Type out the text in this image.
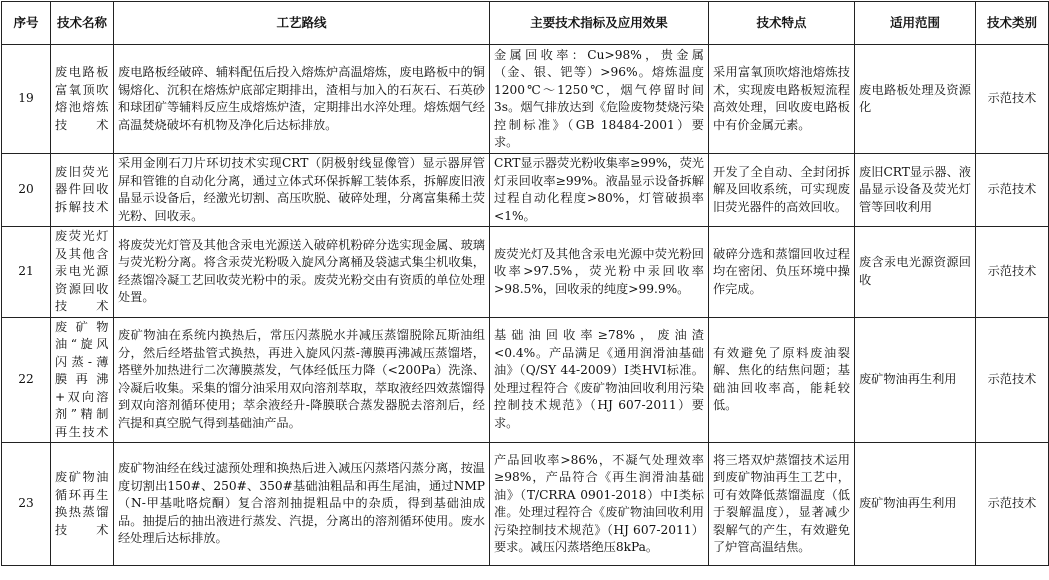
序号	技术名称	工艺路线	主要技术指标及应用效果	技术特点	适用范围	技术类别
19	废电路板富氧顶吹熔池熔炼技术	废电路板经破碎、辅料配伍后投入熔炼炉高温熔炼，废电路板中的铜锡熔化、沉积在熔炼炉底部定期排出，渣相与加入的石灰石、石英砂和球团矿等辅料反应生成熔炼炉渣，定期排出水淬处理。熔炼烟气经高温焚烧破坏有机物及净化后达标排放。	金属回收率：Cu>98%，贵金属（金、银、钯等）>96%。熔炼温度1200℃～1250℃，烟气停留时间3s。烟气排放达到《危险废物焚烧污染控制标准》（GB 18484-2001）要求。	采用富氧顶吹熔池熔炼技术，实现废电路板短流程高效处理，回收废电路板中有价金属元素。	废电路板处理及资源化	示范技术
20	废旧荧光器件回收拆解技术	采用金刚石刀片环切技术实现CRT（阴极射线显像管）显示器屏管屏和管锥的自动化分离，通过立体式环保拆解工装体系，拆解废旧液晶显示设备后，经激光切割、高压吹脱、破碎处理，分离富集稀土荧光粉、回收汞。	CRT显示器荧光粉收集率≥99%，荧光灯汞回收率≥99%。液晶显示设备拆解过程自动化程度>80%，灯管破损率<1%。	开发了全自动、全封闭拆解及回收系统，可实现废旧荧光器件的高效回收。	废旧CRT显示器、液晶显示设备及荧光灯管等回收利用	示范技术
21	废荧光灯及其他含汞电光源资源回收技术	将废荧光灯管及其他含汞电光源送入破碎机粉碎分选实现金属、玻璃与荧光粉分离。将含汞荧光粉吸入旋风分离桶及袋滤式集尘机收集，经蒸馏冷凝工艺回收荧光粉中的汞。废荧光粉交由有资质的单位处理处置。	废荧光灯及其他含汞电光源中荧光粉回收率>97.5%，荧光粉中汞回收率>98.5%，回收汞的纯度>99.9%。	破碎分选和蒸馏回收过程均在密闭、负压环境中操作完成。	废含汞电光源资源回收	示范技术
22	废矿物油“旋风闪蒸-薄膜再沸+双向溶剂”精制再生技术	废矿物油在系统内换热后，常压闪蒸脱水并减压蒸馏脱除瓦斯油组分，然后经塔盐管式换热，再进入旋风闪蒸-薄膜再沸减压蒸馏塔，塔壁外加热进行二次薄膜蒸发，气体经低压力降（<200Pa）洗涤、冷凝后收集。采集的馏分油采用双向溶剂萃取，萃取液经四效蒸馏得到双向溶剂循环使用；萃余液经升-降膜联合蒸发器脱去溶剂后，经汽提和真空脱气得到基础油产品。	基础油回收率≥78%，废油渣<0.4%。产品满足《通用润滑油基础油》（Q/SY 44-2009）I类HVI标准。处理过程符合《废矿物油回收利用污染控制技术规范》（HJ 607-2011）要求。	有效避免了原料废油裂解、焦化的结焦问题；基础油回收率高，能耗较低。	废矿物油再生利用	示范技术
23	废矿物油循环再生换热蒸馏技术	废矿物油经在线过滤预处理和换热后进入减压闪蒸塔闪蒸分离，按温度切割出150#、250#、350#基础油粗品和再生尾油，通过NMP（N-甲基吡咯烷酮）复合溶剂抽提粗品中的杂质，得到基础油成品。抽提后的抽出液进行蒸发、汽提，分离出的溶剂循环使用。废水经处理后达标排放。	产品回收率>86%，不凝气处理效率≥98%，产品符合《再生润滑油基础油》（T/CRRA 0901-2018）中I类标准。处理过程符合《废矿物油回收利用污染控制技术规范》（HJ 607-2011）要求。减压闪蒸塔绝压8kPa。	将三塔双炉蒸馏技术运用到废矿物油再生工艺中，可有效降低蒸馏温度（低于裂解温度），显著减少裂解气的产生，有效避免了炉管高温结焦。	废矿物油再生利用	示范技术
